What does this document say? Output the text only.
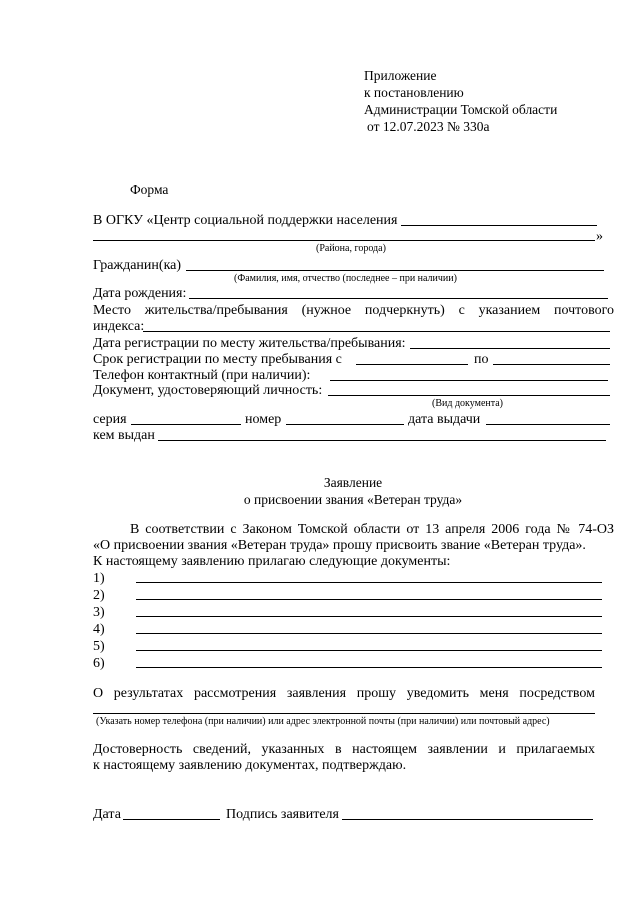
Приложение
к постановлению
Администрации Томской области
от 12.07.2023 № 330а
Форма
В ОГКУ «Центр социальной поддержки населения
»
(Района, города)
Гражданин(ка)
(Фамилия, имя, отчество (последнее – при наличии)
Дата рождения:
Место жительства/пребывания (нужное подчеркнуть) с указанием почтового
индекса:
Дата регистрации по месту жительства/пребывания:
Срок регистрации по месту пребывания с	по
Телефон контактный (при наличии):
Документ, удостоверяющий личность:
(Вид документа)
серия	номер	дата выдачи
кем выдан
Заявление
о присвоении звания «Ветеран труда»
В соответствии с Законом Томской области от 13 апреля 2006 года № 74-ОЗ
«О присвоении звания «Ветеран труда» прошу присвоить звание «Ветеран труда».
К настоящему заявлению прилагаю следующие документы:
1)
2)
3)
4)
5)
6)
О результатах рассмотрения заявления прошу уведомить меня посредством
(Указать номер телефона (при наличии) или адрес электронной почты (при наличии) или почтовый адрес)
Достоверность сведений, указанных в настоящем заявлении и прилагаемых
к настоящему заявлению документах, подтверждаю.
Дата	Подпись заявителя
